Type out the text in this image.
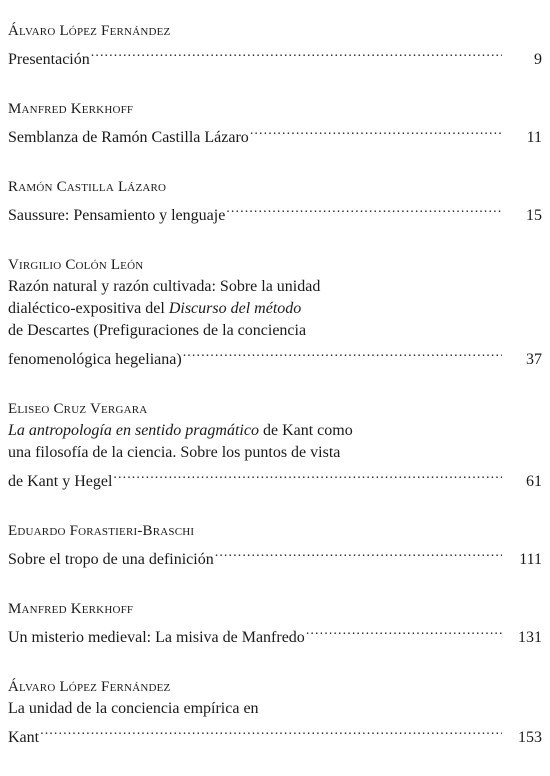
Álvaro López Fernández
Presentación . . .	9
Manfred Kerkhoff
Semblanza de Ramón Castilla Lázaro . . .	11
Ramón Castilla Lázaro
Saussure: Pensamiento y lenguaje . . .	15
Virgilio Colón León
Razón natural y razón cultivada: Sobre la unidad
dialéctico-expositiva del Discurso del método
de Descartes (Prefiguraciones de la conciencia
fenomenológica hegeliana) . . .	37
Eliseo Cruz Vergara
La antropología en sentido pragmático de Kant como
una filosofía de la ciencia. Sobre los puntos de vista
de Kant y Hegel . . .	61
Eduardo Forastieri-Braschi
Sobre el tropo de una definición . . .	111
Manfred Kerkhoff
Un misterio medieval: La misiva de Manfredo . . .	131
Álvaro López Fernández
La unidad de la conciencia empírica en
Kant . . .	153
